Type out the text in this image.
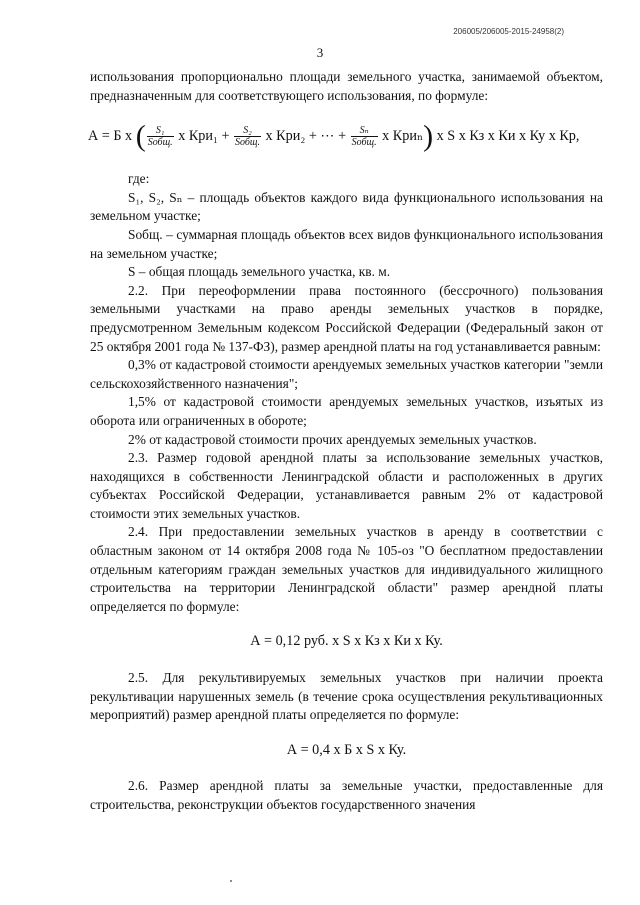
206005/206005-2015-24958(2)
3

использования пропорционально площади земельного участка, занимаемой объектом, предназначенным для соответствующего использования, по формуле:

А = Б х ( $\frac{\text{S₁}}{\text{Sобщ.}}$ х $Кри_1 + \frac{\text{S₂}}{\text{Sобщ.}}$ х Кри₂ + ⋯ + $\frac{\text{Sₙ}}{\text{Sобщ.}}$ х Криₙ) х S х Кз х Ки х Ку х Кр,

где:

S₁, S₂, Sₙ – площадь объектов каждого вида функционального использования на земельном участке;

Sобщ. – суммарная площадь объектов всех видов функционального использования на земельном участке;

S – общая площадь земельного участка, кв. м.

2.2. При переоформлении права постоянного (бессрочного) пользования земельными участками на право аренды земельных участков в порядке, предусмотренном Земельным кодексом Российской Федерации (Федеральный закон от 25 октября 2001 года № 137-ФЗ), размер арендной платы на год устанавливается равным:

0,3% от кадастровой стоимости арендуемых земельных участков категории "земли сельскохозяйственного назначения";

1,5% от кадастровой стоимости арендуемых земельных участков, изъятых из оборота или ограниченных в обороте;

2% от кадастровой стоимости прочих арендуемых земельных участков.

2.3. Размер годовой арендной платы за использование земельных участков, находящихся в собственности Ленинградской области и расположенных в других субъектах Российской Федерации, устанавливается равным 2% от кадастровой стоимости этих земельных участков.

2.4. При предоставлении земельных участков в аренду в соответствии с областным законом от 14 октября 2008 года № 105-оз "О бесплатном предоставлении отдельным категориям граждан земельных участков для индивидуального жилищного строительства на территории Ленинградской области" размер арендной платы определяется по формуле:

А = 0,12 руб. х S х Кз х Ки х Ку.

2.5. Для рекультивируемых земельных участков при наличии проекта рекультивации нарушенных земель (в течение срока осуществления рекультивационных мероприятий) размер арендной платы определяется по формуле:

А = 0,4 х Б х S х Ку.

2.6. Размер арендной платы за земельные участки, предоставленные для строительства, реконструкции объектов государственного значения
